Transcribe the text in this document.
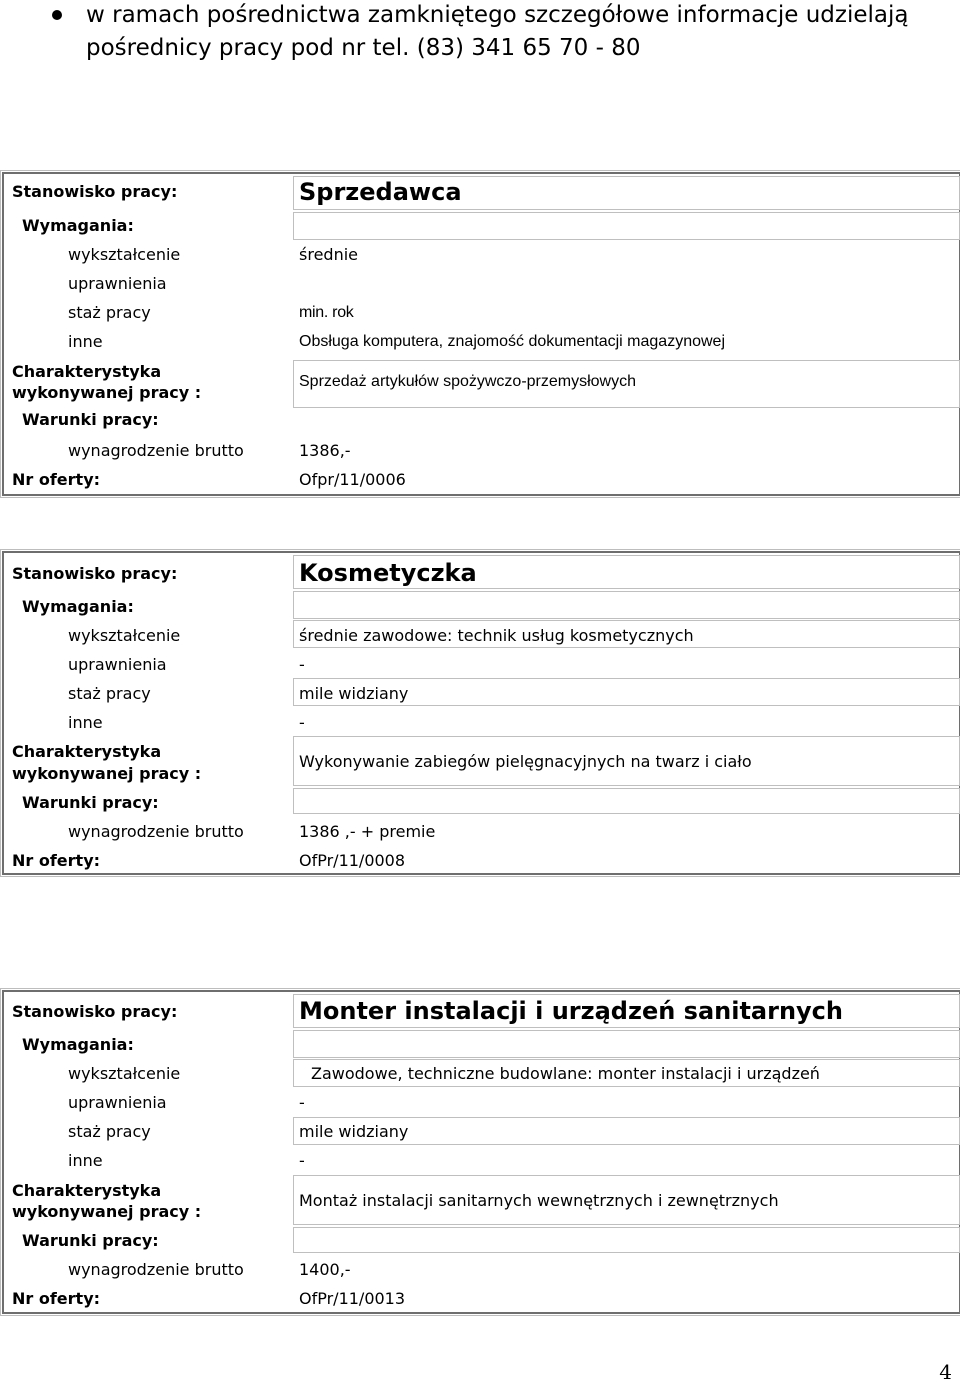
w ramach pośrednictwa zamkniętego szczegółowe informacje udzielają
pośrednicy pracy pod nr tel. (83) 341 65 70 - 80
Stanowisko pracy:	Sprzedawca
Wymagania:
wykształcenie	średnie
uprawnienia
staż pracy	min. rok
inne	Obsługa komputera, znajomość dokumentacji magazynowej
Charakterystyka
wykonywanej pracy :
Sprzedaż artykułów spożywczo-przemysłowych
Warunki pracy:
wynagrodzenie brutto	1386,-
Nr oferty:	Ofpr/11/0006
Stanowisko pracy:	Kosmetyczka
Wymagania:
wykształcenie	średnie zawodowe: technik usług kosmetycznych
uprawnienia	-
staż pracy	mile widziany
inne	-
Charakterystyka
wykonywanej pracy :
Wykonywanie zabiegów pielęgnacyjnych na twarz i ciało
Warunki pracy:
wynagrodzenie brutto	1386 ,- + premie
Nr oferty:	OfPr/11/0008
Stanowisko pracy:	Monter instalacji i urządzeń sanitarnych
Wymagania:
wykształcenie	Zawodowe, techniczne budowlane: monter instalacji i urządzeń
uprawnienia	-
staż pracy	mile widziany
inne	-
Charakterystyka
wykonywanej pracy :
Montaż instalacji sanitarnych wewnętrznych i zewnętrznych
Warunki pracy:
wynagrodzenie brutto	1400,-
Nr oferty:	OfPr/11/0013
4
